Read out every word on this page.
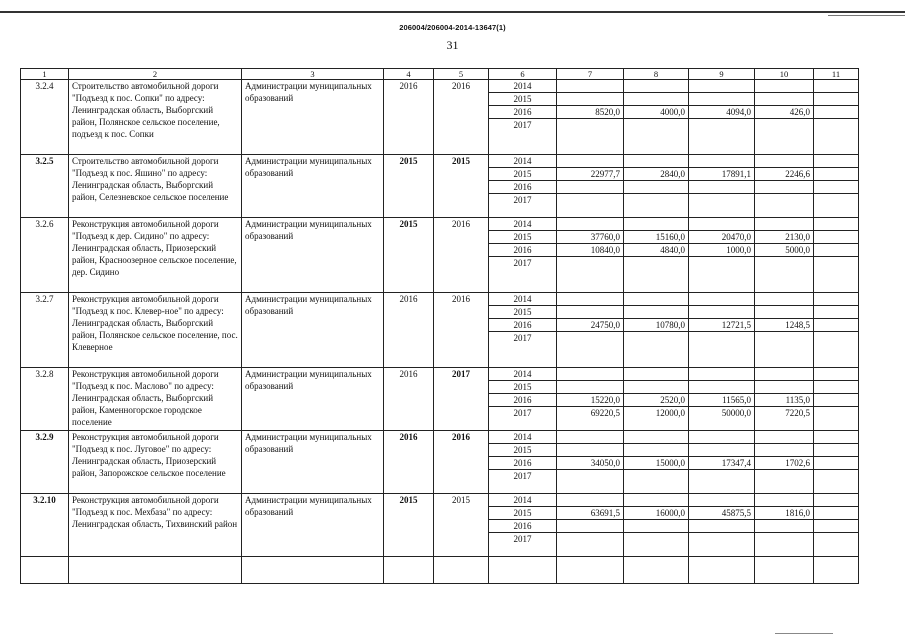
206004/206004-2014-13647(1)
31
1	2	3	4	5	6	7	8	9	10	11
3.2.4	Строительство автомобильной дороги "Подъезд к пос. Сопки" по адресу: Ленинградская область, Выборгский район, Полянское сельское поселение, подъезд к пос. Сопки	Администрации муниципальных образований	2016	2016	2014					
					2015					
					2016	8520,0	4000,0	4094,0	426,0	
					2017					
3.2.5	Строительство автомобильной дороги "Подъезд к пос. Яшино" по адресу: Ленинградская область, Выборгский район, Селезневское сельское поселение	Администрации муниципальных образований	2015	2015	2014					
					2015	22977,7	2840,0	17891,1	2246,6	
					2016					
					2017					
3.2.6	Реконструкция автомобильной дороги "Подъезд к дер. Сидино" по адресу: Ленинградская область, Приозерский район, Красноозерное сельское поселение, дер. Сидино	Администрации муниципальных образований	2015	2016	2014					
					2015	37760,0	15160,0	20470,0	2130,0	
					2016	10840,0	4840,0	1000,0	5000,0	
					2017					
3.2.7	Реконструкция автомобильной дороги "Подъезд к пос. Клевер-ное" по адресу: Ленинградская область, Выборгский район, Полянское сельское поселение, пос. Клеверное	Администрации муниципальных образований	2016	2016	2014					
					2015					
					2016	24750,0	10780,0	12721,5	1248,5	
					2017					
3.2.8	Реконструкция автомобильной дороги "Подъезд к пос. Маслово" по адресу: Ленинградская область, Выборгский район, Каменногорское городское поселение	Администрации муниципальных образований	2016	2017	2014					
					2015					
					2016	15220,0	2520,0	11565,0	1135,0	
					2017	69220,5	12000,0	50000,0	7220,5	
3.2.9	Реконструкция автомобильной дороги "Подъезд к пос. Луговое" по адресу: Ленинградская область, Приозерский район, Запорожское сельское поселение	Администрации муниципальных образований	2016	2016	2014					
					2015					
					2016	34050,0	15000,0	17347,4	1702,6	
					2017					
3.2.10	Реконструкция автомобильной дороги "Подъезд к пос. Мехбаза" по адресу: Ленинградская область, Тихвинский район	Администрации муниципальных образований	2015	2015	2014					
					2015	63691,5	16000,0	45875,5	1816,0	
					2016					
					2017					
